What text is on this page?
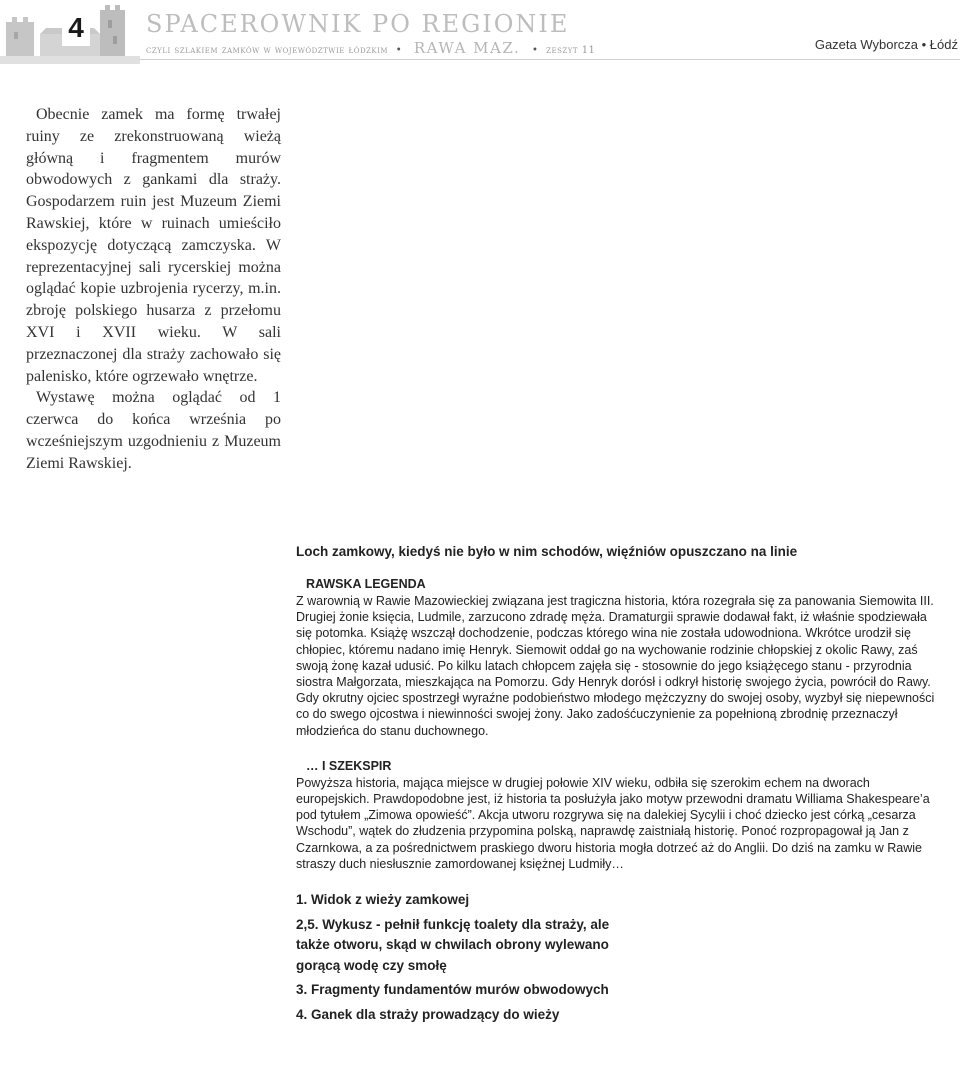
4	SPACEROWNIK PO REGIONIE
czyli szlakiem zamków w województwie łódzkim • RAWA MAZ. • zeszyt 11	Gazeta Wyborcza • Łódź

Obecnie zamek ma formę trwałej ruiny ze zrekonstruowaną wieżą główną i fragmentem murów obwodowych z gankami dla straży. Gospodarzem ruin jest Muzeum Ziemi Rawskiej, które w ruinach umieściło ekspozycję dotyczącą zamczyska. W reprezentacyjnej sali rycerskiej można oglądać kopie uzbrojenia rycerzy, m.in. zbroję polskiego husarza z przełomu XVI i XVII wieku. W sali przeznaczonej dla straży zachowało się palenisko, które ogrzewało wnętrze.

Wystawę można oglądać od 1 czerwca do końca września po wcześniejszym uzgodnieniu z Muzeum Ziemi Rawskiej.

Loch zamkowy, kiedyś nie było w nim schodów, więźniów opuszczano na linie
RAWSKA LEGENDA

Z warownią w Rawie Mazowieckiej związana jest tragiczna historia, która rozegrała się za panowania Siemowita III. Drugiej żonie księcia, Ludmile, zarzucono zdradę męża. Dramaturgii sprawie dodawał fakt, iż właśnie spodziewała się potomka. Książę wszczął dochodzenie, podczas którego wina nie została udowodniona. Wkrótce urodził się chłopiec, któremu nadano imię Henryk. Siemowit oddał go na wychowanie rodzinie chłopskiej z okolic Rawy, zaś swoją żonę kazał udusić. Po kilku latach chłopcem zajęła się - stosownie do jego książęcego stanu - przyrodnia siostra Małgorzata, mieszkająca na Pomorzu. Gdy Henryk dorósł i odkrył historię swojego życia, powrócił do Rawy. Gdy okrutny ojciec spostrzegł wyraźne podobieństwo młodego mężczyzny do swojej osoby, wyzbył się niepewności co do swego ojcostwa i niewinności swojej żony. Jako zadośćuczynienie za popełnioną zbrodnię przeznaczył młodzieńca do stanu duchownego.

… I SZEKSPIR

Powyższa historia, mająca miejsce w drugiej połowie XIV wieku, odbiła się szerokim echem na dworach europejskich. Prawdopodobne jest, iż historia ta posłużyła jako motyw przewodni dramatu Williama Shakespeare’a pod tytułem „Zimowa opowieść”. Akcja utworu rozgrywa się na dalekiej Sycylii i choć dziecko jest córką „cesarza Wschodu”, wątek do złudzenia przypomina polską, naprawdę zaistniałą historię. Ponoć rozpropagował ją Jan z Czarnkowa, a za pośrednictwem praskiego dworu historia mogła dotrzeć aż do Anglii. Do dziś na zamku w Rawie straszy duch niesłusznie zamordowanej księżnej Ludmiły…

1. Widok z wieży zamkowej
2,5. Wykusz - pełnił funkcję toalety dla straży, ale także otworu, skąd w chwilach obrony wylewano gorącą wodę czy smołę
3. Fragmenty fundamentów murów obwodowych
4. Ganek dla straży prowadzący do wieży
